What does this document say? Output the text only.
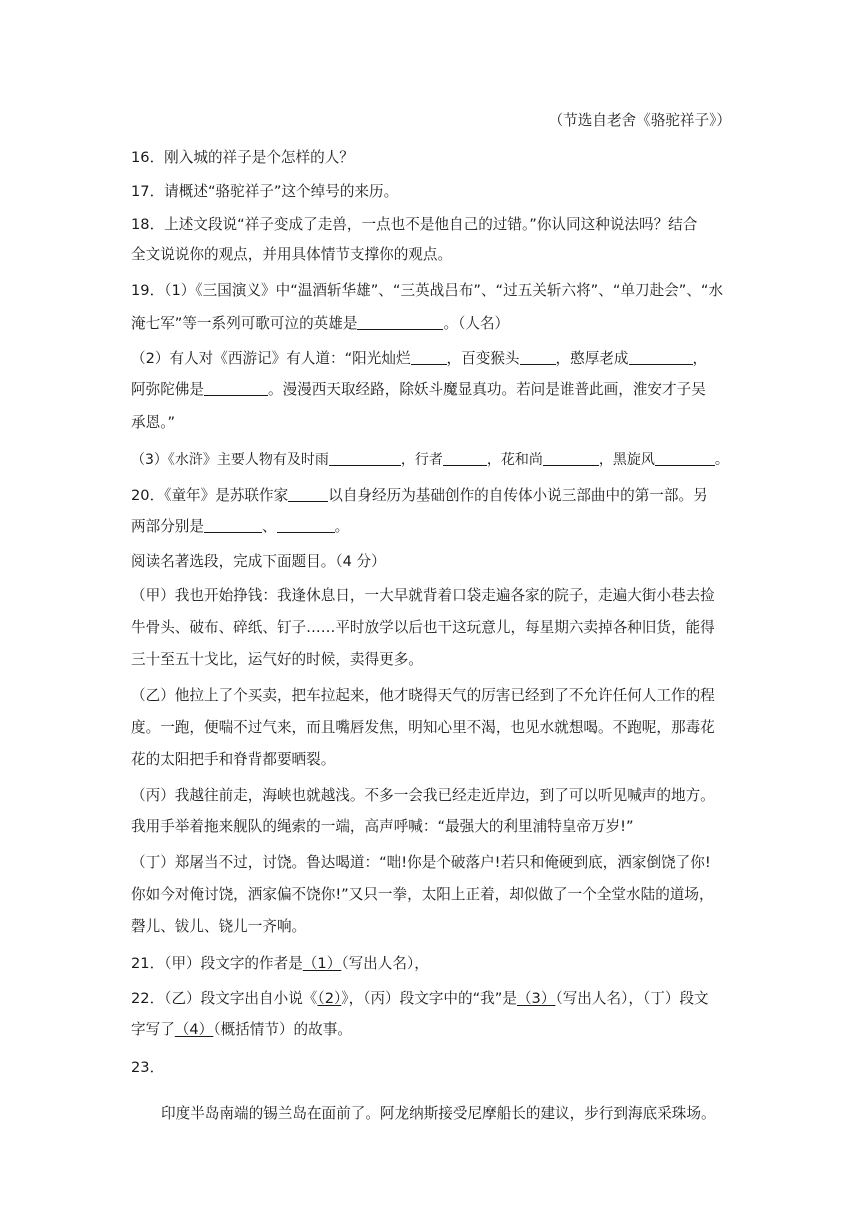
（节选自老舍《骆驼祥子》）
16．刚入城的祥子是个怎样的人？
17．请概述“骆驼祥子”这个绰号的来历。
18．上述文段说“祥子变成了走兽，一点也不是他自己的过错。”你认同这种说法吗？结合
全文说说你的观点，并用具体情节支撑你的观点。
19．（1）《三国演义》中“温酒斩华雄”、“三英战吕布”、“过五关斩六将”、“单刀赴会”、“水
淹七军”等一系列可歌可泣的英雄是	。（人名）
（2）有人对《西游记》有人道：“阳光灿烂 ，百变猴头 ，憨厚老成	，
阿弥陀佛是	。漫漫西天取经路，除妖斗魔显真功。若问是谁普此画，淮安才子吴
承恩。”
（3）《水浒》主要人物有及时雨	，行者	，花和尚	，黑旋风	。
20．《童年》是苏联作家	以自身经历为基础创作的自传体小说三部曲中的第一部。另
两部分别是	、	。
阅读名著选段，完成下面题目。（4 分）
（甲）我也开始挣钱：我逢休息日，一大早就背着口袋走遍各家的院子，走遍大街小巷去捡
牛骨头、破布、碎纸、钉子……平时放学以后也干这玩意儿，每星期六卖掉各种旧货，能得
三十至五十戈比，运气好的时候，卖得更多。
（乙）他拉上了个买卖，把车拉起来，他才晓得天气的厉害已经到了不允许任何人工作的程
度。一跑，便喘不过气来，而且嘴唇发焦，明知心里不渴，也见水就想喝。不跑呢，那毒花
花的太阳把手和脊背都要晒裂。
（丙）我越往前走，海峡也就越浅。不多一会我已经走近岸边，到了可以听见喊声的地方。
我用手举着拖来舰队的绳索的一端，高声呼喊：“最强大的利里浦特皇帝万岁!”
（丁）郑屠当不过，讨饶。鲁达喝道：“咄!你是个破落户!若只和俺硬到底，洒家倒饶了你!
你如今对俺讨饶，洒家偏不饶你!”又只一拳，太阳上正着，却似做了一个全堂水陆的道场，
磬儿、钹儿、铙儿一齐响。
21．（甲）段文字的作者是（1）（写出人名），
22．（乙）段文字出自小说《（2）》，（丙）段文字中的“我”是（3）（写出人名），（丁）段文
字写了（4）（概括情节）的故事。
23．
印度半岛南端的锡兰岛在面前了。阿龙纳斯接受尼摩船长的建议，步行到海底采珠场。
